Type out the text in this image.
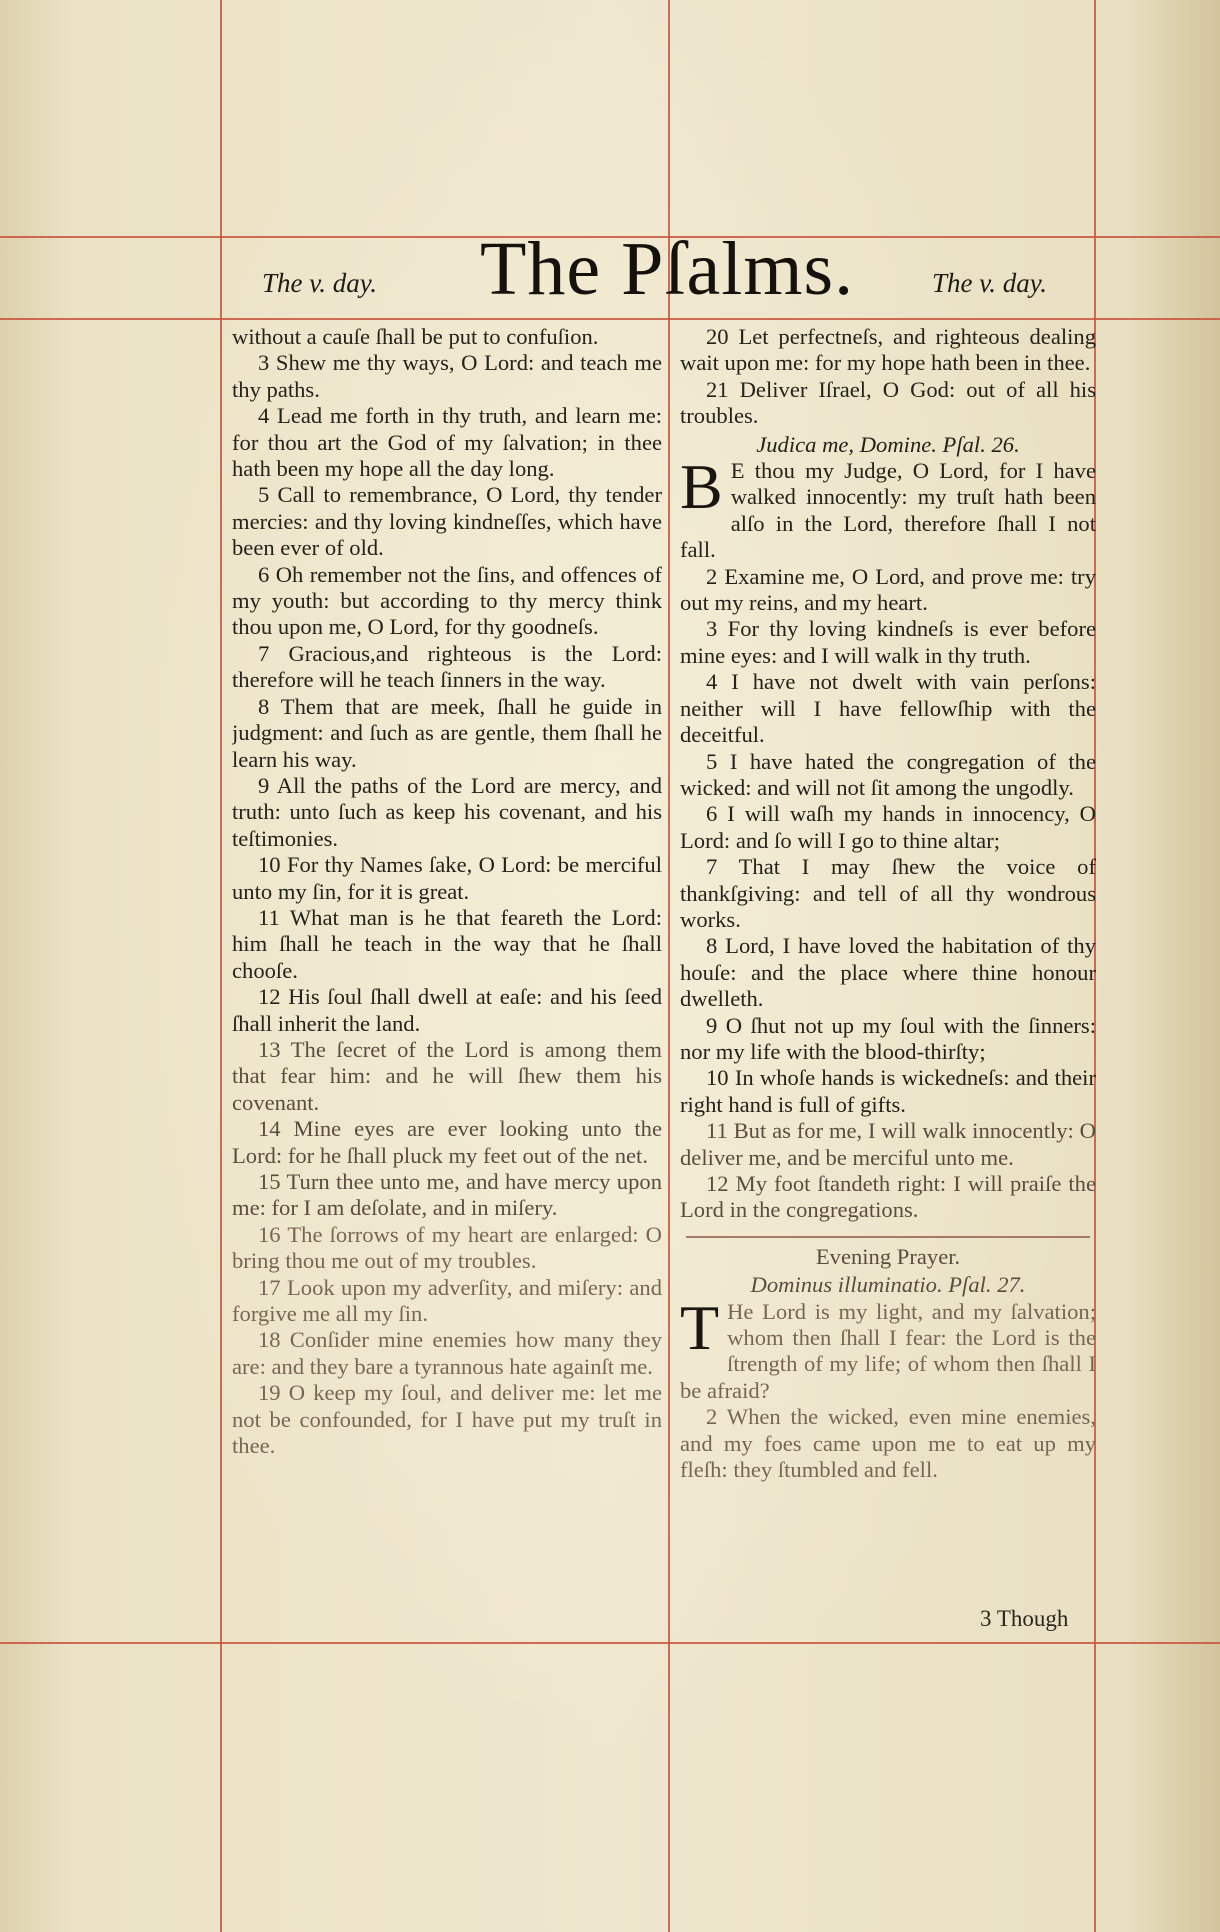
The v. day. The Pſalms.	The v. day.

without a cauſe ſhall be put to confuſion.

3 Shew me thy ways, O Lord: and teach me thy paths.

4 Lead me forth in thy truth, and learn me: for thou art the God of my ſalvation; in thee hath been my hope all the day long.

5 Call to remembrance, O Lord, thy tender mercies: and thy loving kindneſſes, which have been ever of old.

6 Oh remember not the ſins, and offences of my youth: but according to thy mercy think thou upon me, O Lord, for thy goodneſs.

7 Gracious,and righteous is the Lord: therefore will he teach ſinners in the way.

8 Them that are meek, ſhall he guide in judgment: and ſuch as are gentle, them ſhall he learn his way.

9 All the paths of the Lord are mercy, and truth: unto ſuch as keep his covenant, and his teſtimonies.

10 For thy Names ſake, O Lord: be merciful unto my ſin, for it is great.

11 What man is he that feareth the Lord: him ſhall he teach in the way that he ſhall chooſe.

12 His ſoul ſhall dwell at eaſe: and his ſeed ſhall inherit the land.

13 The ſecret of the Lord is among them that fear him: and he will ſhew them his covenant.

14 Mine eyes are ever looking unto the Lord: for he ſhall pluck my feet out of the net.

15 Turn thee unto me, and have mercy upon me: for I am deſolate, and in miſery.

16 The ſorrows of my heart are enlarged: O bring thou me out of my troubles.

17 Look upon my adverſity, and miſery: and forgive me all my ſin.

18 Conſider mine enemies how many they are: and they bare a tyrannous hate againſt me.

19 O keep my ſoul, and deliver me: let me not be confounded, for I have put my truſt in thee.

20 Let perfectneſs, and righteous dealing wait upon me: for my hope hath been in thee.

21 Deliver Iſrael, O God: out of all his troubles.

Judica me, Domine. Pſal. 26.

B E thou my Judge, O Lord, for I have walked innocently: my truſt hath been alſo in the Lord, therefore ſhall I not fall.

2 Examine me, O Lord, and prove me: try out my reins, and my heart.

3 For thy loving kindneſs is ever before mine eyes: and I will walk in thy truth.

4 I have not dwelt with vain perſons: neither will I have fellowſhip with the deceitful.

5 I have hated the congregation of the wicked: and will not ſit among the ungodly.

6 I will waſh my hands in innocency, O Lord: and ſo will I go to thine altar;

7 That I may ſhew the voice of thankſgiving: and tell of all thy wondrous works.

8 Lord, I have loved the habitation of thy houſe: and the place where thine honour dwelleth.

9 O ſhut not up my ſoul with the ſinners: nor my life with the blood-thirſty;

10 In whoſe hands is wickedneſs: and their right hand is full of gifts.

11 But as for me, I will walk innocently: O deliver me, and be merciful unto me.

12 My foot ſtandeth right: I will praiſe the Lord in the congregations.

Evening Prayer.

Dominus illuminatio. Pſal. 27.

T He Lord is my light, and my ſalvation; whom then ſhall I fear: the Lord is the ſtrength of my life; of whom then ſhall I be afraid?

2 When the wicked, even mine enemies, and my foes came upon me to eat up my fleſh: they ſtumbled and fell.

3 Though
